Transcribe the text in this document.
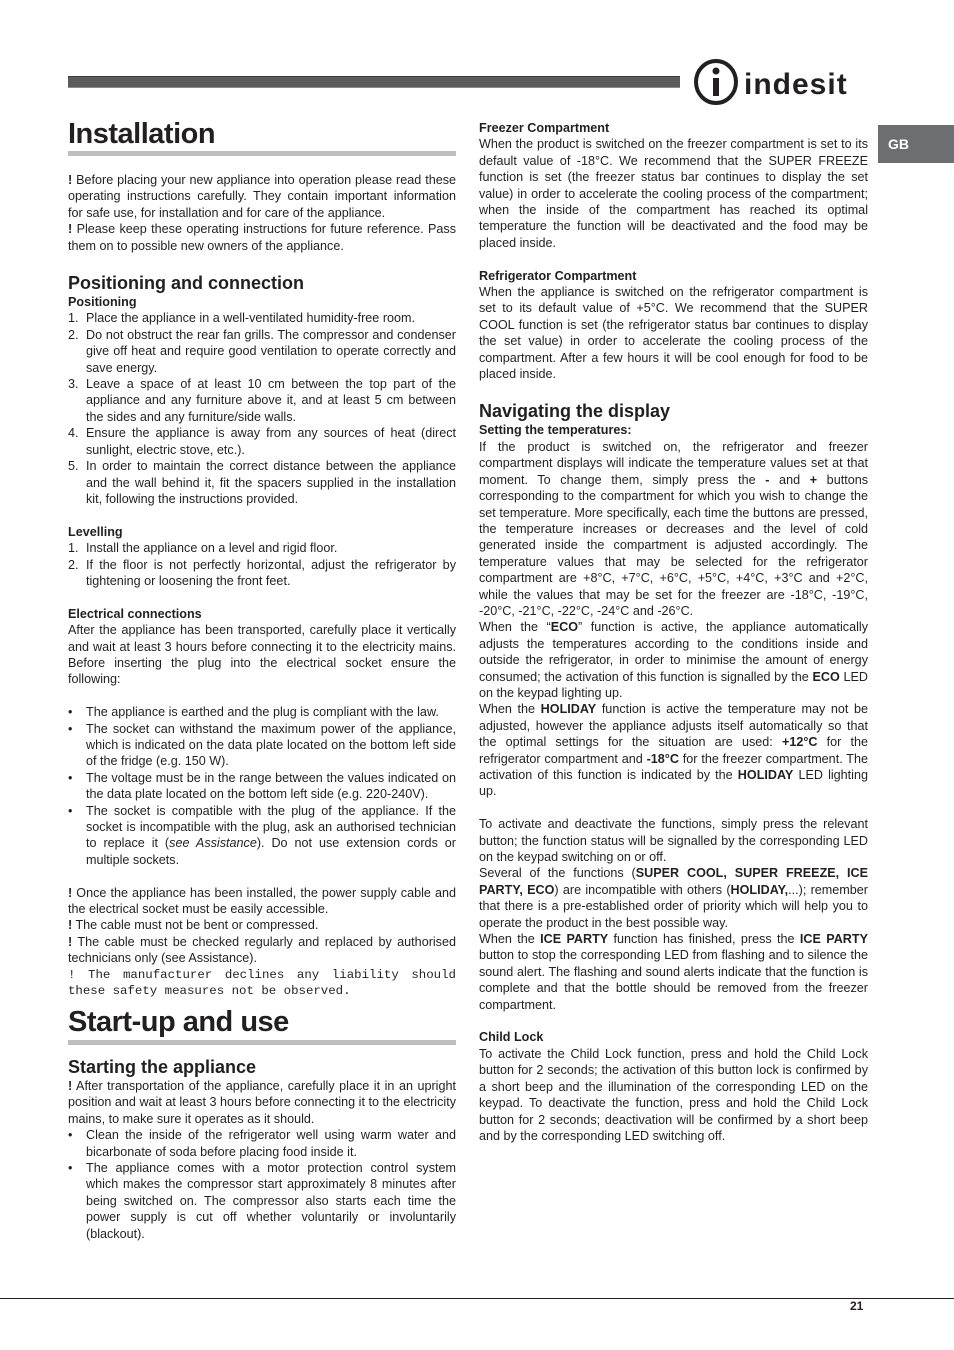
indesit
GB
Installation

! Before placing your new appliance into operation please read these operating instructions carefully. They contain important information for safe use, for installation and for care of the appliance.

! Please keep these operating instructions for future reference. Pass them on to possible new owners of the appliance.

Positioning and connection
Positioning
1. Place the appliance in a well-ventilated humidity-free room.
2. Do not obstruct the rear fan grills. The compressor and condenser give off heat and require good ventilation to operate correctly and save energy.
3. Leave a space of at least 10 cm between the top part of the appliance and any furniture above it, and at least 5 cm between the sides and any furniture/side walls.
4. Ensure the appliance is away from any sources of heat (direct sunlight, electric stove, etc.).
5. In order to maintain the correct distance between the appliance and the wall behind it, fit the spacers supplied in the installation kit, following the instructions provided.
Levelling
1. Install the appliance on a level and rigid floor.
2. If the floor is not perfectly horizontal, adjust the refrigerator by tightening or loosening the front feet.
Electrical connections

After the appliance has been transported, carefully place it vertically and wait at least 3 hours before connecting it to the electricity mains. Before inserting the plug into the electrical socket ensure the following:

• The appliance is earthed and the plug is compliant with the law.
• The socket can withstand the maximum power of the appliance, which is indicated on the data plate located on the bottom left side of the fridge (e.g. 150 W).
• The voltage must be in the range between the values indicated on the data plate located on the bottom left side (e.g. 220-240V).
• The socket is compatible with the plug of the appliance. If the socket is incompatible with the plug, ask an authorised technician to replace it (see Assistance). Do not use extension cords or multiple sockets.

! Once the appliance has been installed, the power supply cable and the electrical socket must be easily accessible.

! The cable must not be bent or compressed.

! The cable must be checked regularly and replaced by authorised technicians only (see Assistance).

! The manufacturer declines any liability should these safety measures not be observed.

Start-up and use
Starting the appliance

! After transportation of the appliance, carefully place it in an upright position and wait at least 3 hours before connecting it to the electricity mains, to make sure it operates as it should.

• Clean the inside of the refrigerator well using warm water and bicarbonate of soda before placing food inside it.
• The appliance comes with a motor protection control system which makes the compressor start approximately 8 minutes after being switched on. The compressor also starts each time the power supply is cut off whether voluntarily or involuntarily (blackout).
Freezer Compartment

When the product is switched on the freezer compartment is set to its default value of -18°C. We recommend that the SUPER FREEZE function is set (the freezer status bar continues to display the set value) in order to accelerate the cooling process of the compartment; when the inside of the compartment has reached its optimal temperature the function will be deactivated and the food may be placed inside.

Refrigerator Compartment

When the appliance is switched on the refrigerator compartment is set to its default value of +5°C. We recommend that the SUPER COOL function is set (the refrigerator status bar continues to display the set value) in order to accelerate the cooling process of the compartment. After a few hours it will be cool enough for food to be placed inside.

Navigating the display
Setting the temperatures:

If the product is switched on, the refrigerator and freezer compartment displays will indicate the temperature values set at that moment. To change them, simply press the - and + buttons corresponding to the compartment for which you wish to change the set temperature. More specifically, each time the buttons are pressed, the temperature increases or decreases and the level of cold generated inside the compartment is adjusted accordingly. The temperature values that may be selected for the refrigerator compartment are +8°C, +7°C, +6°C, +5°C, +4°C, +3°C and +2°C, while the values that may be set for the freezer are -18°C, -19°C, -20°C, -21°C, -22°C, -24°C and -26°C.

When the “ECO” function is active, the appliance automatically adjusts the temperatures according to the conditions inside and outside the refrigerator, in order to minimise the amount of energy consumed; the activation of this function is signalled by the ECO LED on the keypad lighting up.

When the HOLIDAY function is active the temperature may not be adjusted, however the appliance adjusts itself automatically so that the optimal settings for the situation are used: +12°C for the refrigerator compartment and -18°C for the freezer compartment. The activation of this function is indicated by the HOLIDAY LED lighting up.

To activate and deactivate the functions, simply press the relevant button; the function status will be signalled by the corresponding LED on the keypad switching on or off.

Several of the functions (SUPER COOL, SUPER FREEZE, ICE PARTY, ECO) are incompatible with others (HOLIDAY,...); remember that there is a pre-established order of priority which will help you to operate the product in the best possible way.

When the ICE PARTY function has finished, press the ICE PARTY button to stop the corresponding LED from flashing and to silence the sound alert. The flashing and sound alerts indicate that the function is complete and that the bottle should be removed from the freezer compartment.

Child Lock

To activate the Child Lock function, press and hold the Child Lock button for 2 seconds; the activation of this button lock is confirmed by a short beep and the illumination of the corresponding LED on the keypad. To deactivate the function, press and hold the Child Lock button for 2 seconds; deactivation will be confirmed by a short beep and by the corresponding LED switching off.

21
